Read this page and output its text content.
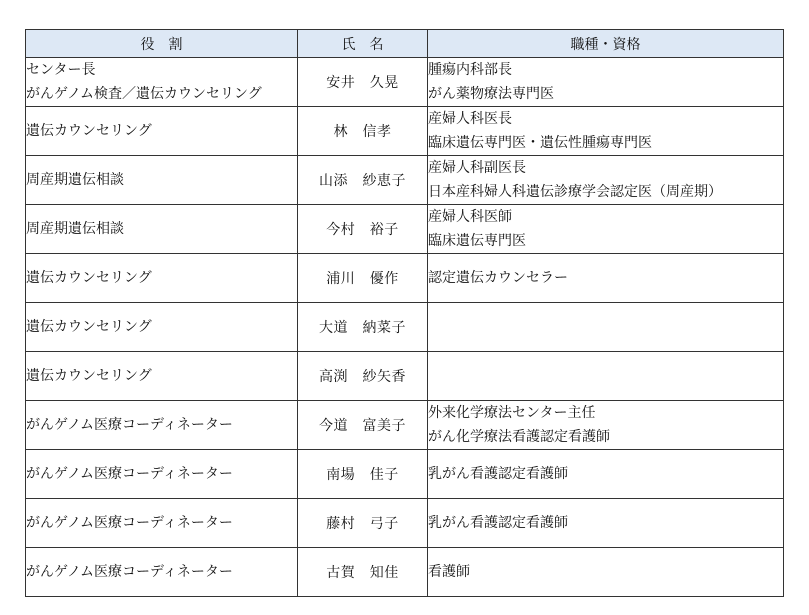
役　割	氏　名	職種・資格

センター長
がんゲノム検査／遺伝カウンセリング	安井　久晃	腫瘍内科部長
がん薬物療法専門医

遺伝カウンセリング	林　信孝	産婦人科医長
臨床遺伝専門医・遺伝性腫瘍専門医

周産期遺伝相談	山添　紗恵子	産婦人科副医長
日本産科婦人科遺伝診療学会認定医（周産期）

周産期遺伝相談	今村　裕子	産婦人科医師
臨床遺伝専門医

遺伝カウンセリング	浦川　優作	認定遺伝カウンセラー

遺伝カウンセリング	大道　納菜子	

遺伝カウンセリング	高渕　紗矢香	

がんゲノム医療コーディネーター	今道　富美子	外来化学療法センター主任
がん化学療法看護認定看護師

がんゲノム医療コーディネーター	南場　佳子	乳がん看護認定看護師

がんゲノム医療コーディネーター	藤村　弓子	乳がん看護認定看護師

がんゲノム医療コーディネーター	古賀　知佳	看護師
